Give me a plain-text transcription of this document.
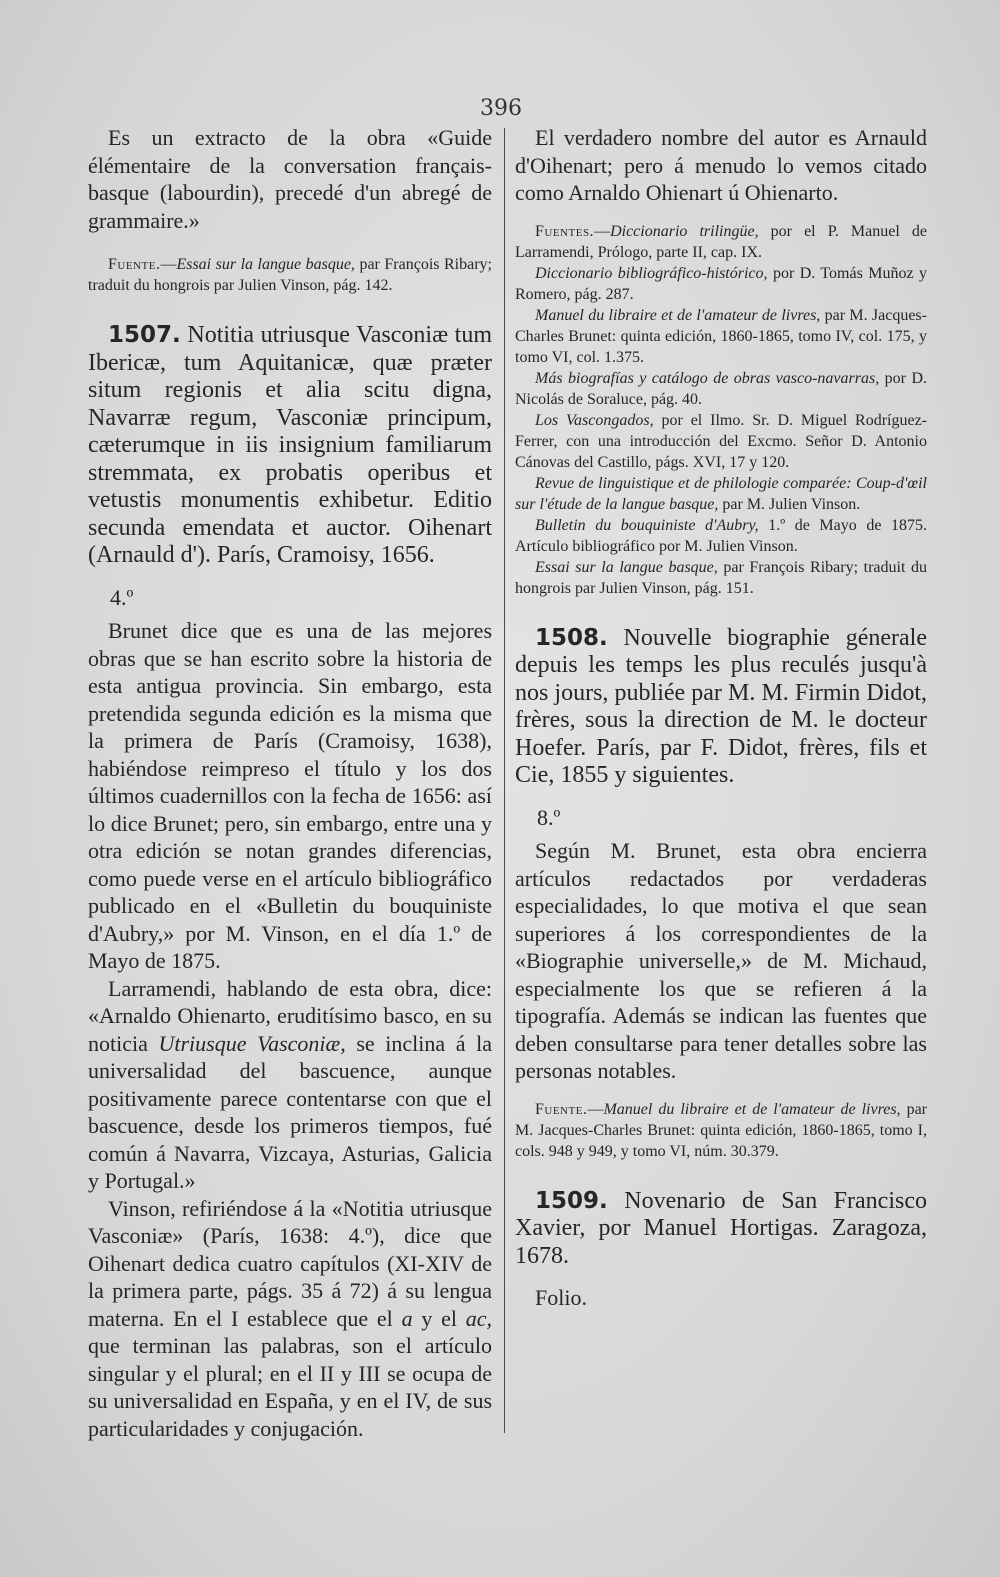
396

Es un extracto de la obra «Guide élémentaire de la conversation français-basque (labourdin), precedé d'un abregé de grammaire.»

Fuente.—Essai sur la langue basque, par François Ribary; traduit du hongrois par Julien Vinson, pág. 142.

1507. Notitia utriusque Vasconiæ tum Ibericæ, tum Aquitanicæ, quæ præter situm regionis et alia scitu digna, Navarræ regum, Vasconiæ principum, cæterumque in iis insignium familiarum stremmata, ex probatis operibus et vetustis monumentis exhibetur. Editio secunda emendata et auctor. Oihenart (Arnauld d'). París, Cramoisy, 1656.

4.º

Brunet dice que es una de las mejores obras que se han escrito sobre la historia de esta antigua provincia. Sin embargo, esta pretendida segunda edición es la misma que la primera de París (Cramoisy, 1638), habiéndose reimpreso el título y los dos últimos cuadernillos con la fecha de 1656: así lo dice Brunet; pero, sin embargo, entre una y otra edición se notan grandes diferencias, como puede verse en el artículo bibliográfico publicado en el «Bulletin du bouquiniste d'Aubry,» por M. Vinson, en el día 1.º de Mayo de 1875.

Larramendi, hablando de esta obra, dice: «Arnaldo Ohienarto, eruditísimo basco, en su noticia Utriusque Vasconiæ, se inclina á la universalidad del bascuence, aunque positivamente parece contentarse con que el bascuence, desde los primeros tiempos, fué común á Navarra, Vizcaya, Asturias, Galicia y Portugal.»

Vinson, refiriéndose á la «Notitia utriusque Vasconiæ» (París, 1638: 4.º), dice que Oihenart dedica cuatro capítulos (XI-XIV de la primera parte, págs. 35 á 72) á su lengua materna. En el I establece que el a y el ac, que terminan las palabras, son el artículo singular y el plural; en el II y III se ocupa de su universalidad en España, y en el IV, de sus particularidades y conjugación.

El verdadero nombre del autor es Arnauld d'Oihenart; pero á menudo lo vemos citado como Arnaldo Ohienart ú Ohienarto.

Fuentes.—Diccionario trilingüe, por el P. Manuel de Larramendi, Prólogo, parte II, cap. IX.

Diccionario bibliográfico-histórico, por D. Tomás Muñoz y Romero, pág. 287.

Manuel du libraire et de l'amateur de livres, par M. Jacques-Charles Brunet: quinta edición, 1860-1865, tomo IV, col. 175, y tomo VI, col. 1.375.

Más biografías y catálogo de obras vasco-navarras, por D. Nicolás de Soraluce, pág. 40.

Los Vascongados, por el Ilmo. Sr. D. Miguel Rodríguez-Ferrer, con una introducción del Excmo. Señor D. Antonio Cánovas del Castillo, págs. XVI, 17 y 120.

Revue de linguistique et de philologie comparée: Coup-d'œil sur l'étude de la langue basque, par M. Julien Vinson.

Bulletin du bouquiniste d'Aubry, 1.º de Mayo de 1875. Artículo bibliográfico por M. Julien Vinson.

Essai sur la langue basque, par François Ribary; traduit du hongrois par Julien Vinson, pág. 151.

1508. Nouvelle biographie génerale depuis les temps les plus reculés jusqu'à nos jours, publiée par M. M. Firmin Didot, frères, sous la direction de M. le docteur Hoefer. París, par F. Didot, frères, fils et Cie, 1855 y siguientes.

8.º

Según M. Brunet, esta obra encierra artículos redactados por verdaderas especialidades, lo que motiva el que sean superiores á los correspondientes de la «Biographie universelle,» de M. Michaud, especialmente los que se refieren á la tipografía. Además se indican las fuentes que deben consultarse para tener detalles sobre las personas notables.

Fuente.—Manuel du libraire et de l'amateur de livres, par M. Jacques-Charles Brunet: quinta edición, 1860-1865, tomo I, cols. 948 y 949, y tomo VI, núm. 30.379.

1509. Novenario de San Francisco Xavier, por Manuel Hortigas. Zaragoza, 1678.

Folio.
